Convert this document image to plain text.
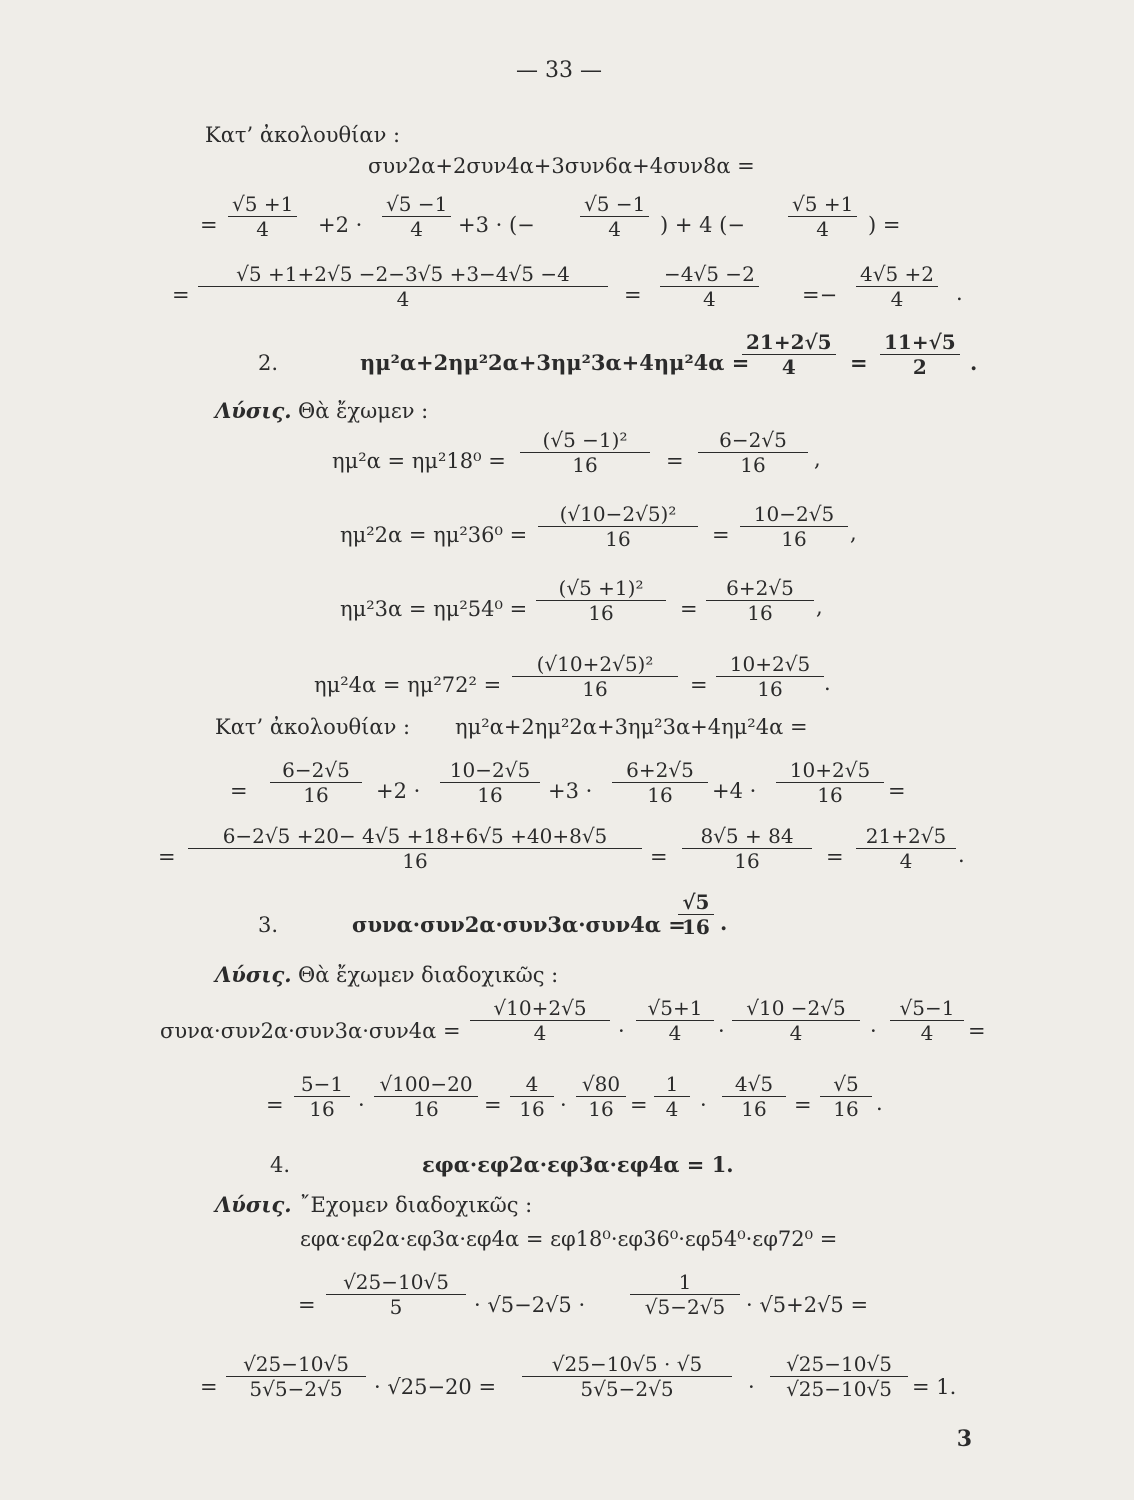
— 33 —
Κατ’ ἀκολουθίαν :
συν2α+2συν4α+3συν6α+4συν8α =
= $\frac{√5 +1}{4} +2 \cdot \frac{√5 -1}{4} +3$ · (− $\frac{√5 -1}{4}$ ) + 4 (− $\frac{√5 +1}{4}$ ) =
= $\frac{√5 +1+2√5 -2-3√5 +3-4√5 -4}{4} = \frac{-4√5 -2}{4} =- \frac{4√5 +2}{4}$ .
2.	ημ²α+2ημ²2α+3ημ²3α+4ημ²4α =
$\frac{21+2√5}{4} = \frac{11+√5}{2}$ .
Λύσις. Θὰ ἔχωμεν :
$\eta\mu^2\alpha = \eta\mu^218^0 = \frac{\text{(√5 −1)²}}{16} = \frac{6-2√5}{16}$ ,
$\eta\mu^22\alpha = \eta\mu^236^0 = \frac{\text{(√10−2√5)²}}{16} = \frac{10-2√5}{16}$ ,
$\eta\mu^23\alpha = \eta\mu^254^0 = \frac{\text{(√5 +1)²}}{16} = \frac{6+2√5}{16}$ ,
$\eta\mu^24\alpha = \eta\mu^272^2 = \frac{\text{(√10+2√5)²}}{16} = \frac{10+2√5}{16}$ .
Κατ’ ἀκολουθίαν : ημ²α+2ημ²2α+3ημ²3α+4ημ²4α =
= $\frac{6-2√5}{16} +2 \cdot \frac{10-2√5}{16} +3 \cdot \frac{6+2√5}{16} +4 \cdot \frac{10+2√5}{16}$ =
= $\frac{6-2√5 +20- 4√5 +18+6√5 +40+8√5}{16} = \frac{8√5 + 84}{16} = \frac{21+2√5}{4}$ .
3.	συνα·συν2α·συν3α·συν4α =
$\frac{√5}{16}$ .
Λύσις. Θὰ ἔχωμεν διαδοχικῶς :
$\sigma\upsilon\nu\alpha\cdot\sigma\upsilon\nu 2\alpha\cdot\sigma\upsilon\nu 3\alpha\cdot\sigma\upsilon\nu 4\alpha = \frac{√10+2√5}{4} \cdot \frac{√5+1}{4} \cdot \frac{√10 -2√5}{4} \cdot \frac{√5-1}{4}$ =
= $\frac{5-1}{16} \cdot \frac{√100-20}{16} = \frac{4}{16} \cdot \frac{√80}{16} = \frac{1}{4} \cdot \frac{4√5}{16} = \frac{√5}{16}$ .
4.	εφα·εφ2α·εφ3α·εφ4α = 1.
Λύσις. ῎Εχομεν διαδοχικῶς :
εφα·εφ2α·εφ3α·εφ4α = εφ18⁰·εφ36⁰·εφ54⁰·εφ72⁰ =
= $\frac{√25-10√5}{5} \cdot √5-2√5 \cdot \frac{1}{√5-2√5} \cdot √5+2√5$ =
= $\frac{√25-10√5}{5√5-2√5} \cdot √25-20 = \frac{√25-10√5 \cdot √5}{5√5-2√5} \cdot \frac{√25-10√5}{√25-10√5} = 1$.
3
